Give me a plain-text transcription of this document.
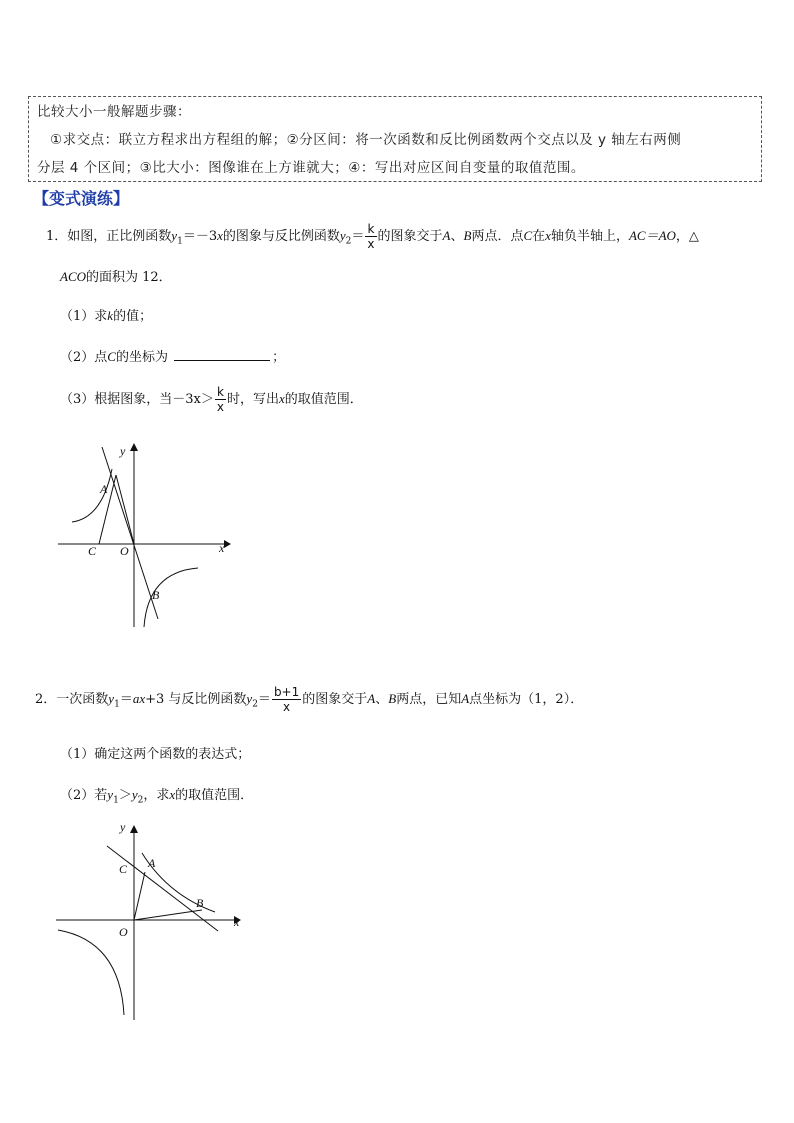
比较大小一般解题步骤：
①求交点：联立方程求出方程组的解；②分区间：将一次函数和反比例函数两个交点以及 y 轴左右两侧
分层 4 个区间；③比大小：图像谁在上方谁就大；④：写出对应区间自变量的取值范围。
【变式演练】
1．如图，正比例函数$y_1=-3x$的图象与反比例函数$y_2= \frac{k}{x}$ 的图象交于A、B两点．点C在x轴负半轴上，AC＝AO，△
ACO的面积为 12．
（1）求k的值；
（2）点C的坐标为	；
（3）根据图象，当$-3x> \frac{k}{x}$ 时，写出x的取值范围．
y
x
A
C O
B
2．一次函数$y_1=ax+3$ 与反比例函数$y_2= \frac{b+1}{x}$ 的图象交于A、B两点，已知A点坐标为（1，2）．
（1）确定这两个函数的表达式；
（2）若$y_1>y_2$，求x的取值范围．
y
x
A
C
B
O
